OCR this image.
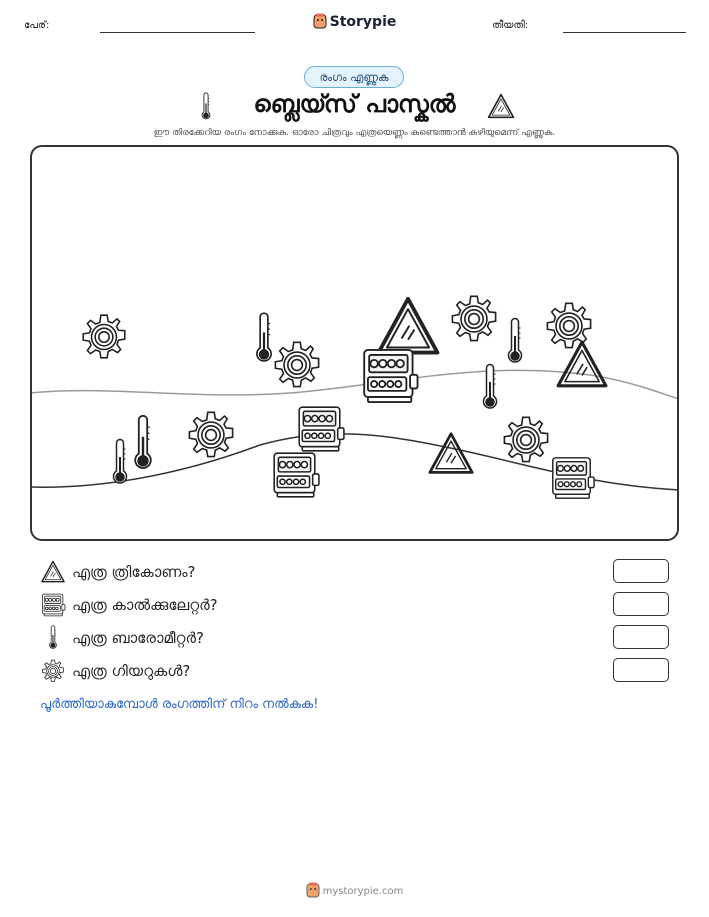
പേര്:	Storypie	തീയതി:
രംഗം എണ്ണുക
ബ്ലെയ്സ് പാസ്കൽ
ഈ തിരക്കേറിയ രംഗം നോക്കുക. ഓരോ ചിത്രവും എത്രയെണ്ണം കണ്ടെത്താൻ കഴിയുമെന്ന് എണ്ണുക.
എത്ര ത്രികോണം?
എത്ര കാൽക്കുലേറ്റർ?
എത്ര ബാരോമീറ്റർ?
എത്ര ഗിയറുകൾ?
പൂർത്തിയാകുമ്പോൾ രംഗത്തിന് നിറം നൽകുക!
mystorypie.com
